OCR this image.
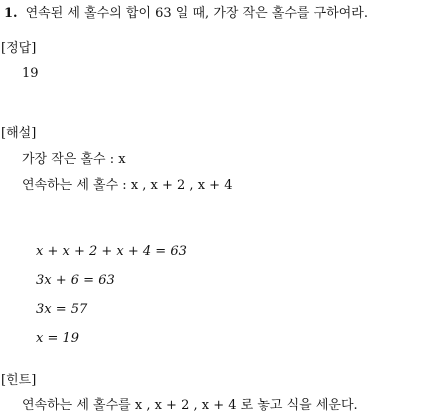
1. 연속된 세 홀수의 합이 63 일 때, 가장 작은 홀수를 구하여라.
[정답]
19
[해설]
가장 작은 홀수 : x
연속하는 세 홀수 : x , x + 2 , x + 4
x + x + 2 + x + 4 = 63
3x + 6 = 63
3x = 57
x = 19
[힌트]
연속하는 세 홀수를 x , x + 2 , x + 4 로 놓고 식을 세운다.
